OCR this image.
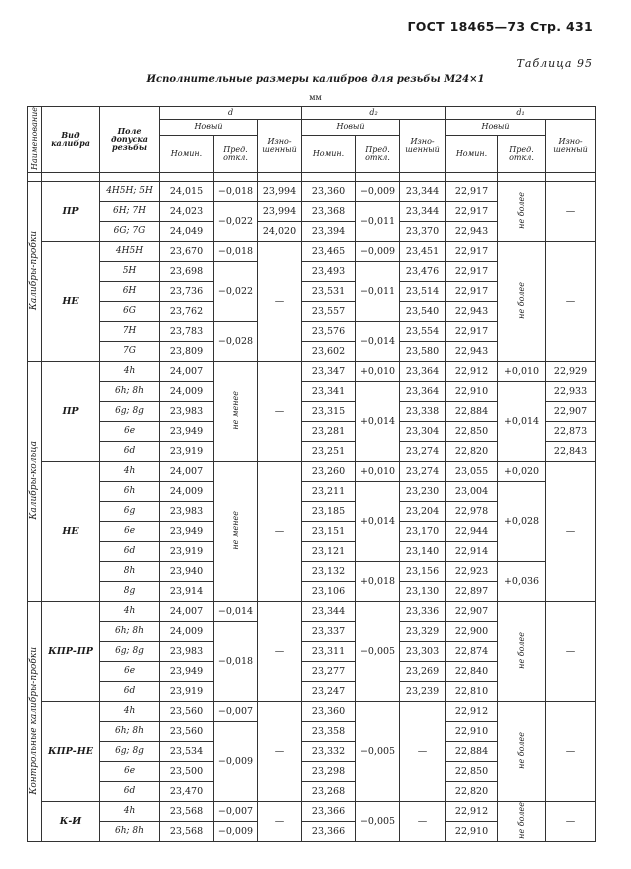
ГОСТ 18465—73 Стр. 431
Таблица 95
Исполнительные размеры калибров для резьбы М24×1
мм
Наименование	Вид калибра	Поле допуска резьбы	d			d₂			d₁		
			Новый		Изно-шенный	Новый		Изно-шенный	Новый		Изно-шенный
			Номин.	Пред. откл.		Номин.	Пред. откл.		Номин.	Пред. откл.	

Калибры-пробки	ПР	4H5H; 5H	24,015	−0,018	23,994	23,360	−0,009	23,344	22,917	не более	—
		6H; 7H	24,023	−0,022	23,994	23,368	−0,011	23,344	22,917		
		6G; 7G	24,049		24,020	23,394		23,370	22,943		
	НЕ	4H5H	23,670	−0,018	—	23,465	−0,009	23,451	22,917	не более	—
		5H	23,698	−0,022		23,493	−0,011	23,476	22,917		
		6H	23,736			23,531		23,514	22,917		
		6G	23,762			23,557		23,540	22,943		
		7H	23,783	−0,028		23,576	−0,014	23,554	22,917		
		7G	23,809			23,602		23,580	22,943		
Калибры-кольца	ПР	4h	24,007	не менее	—	23,347	+0,010	23,364	22,912	+0,010	22,929
		6h; 8h	24,009			23,341	+0,014	23,364	22,910	+0,014	22,933
		6g; 8g	23,983			23,315		23,338	22,884		22,907
		6e	23,949			23,281		23,304	22,850		22,873
		6d	23,919			23,251		23,274	22,820		22,843
	НЕ	4h	24,007	не менее	—	23,260	+0,010	23,274	23,055	+0,020	—
		6h	24,009			23,211	+0,014	23,230	23,004	+0,028	
		6g	23,983			23,185		23,204	22,978		
		6e	23,949			23,151		23,170	22,944		
		6d	23,919			23,121		23,140	22,914		
		8h	23,940			23,132	+0,018	23,156	22,923	+0,036	
		8g	23,914			23,106		23,130	22,897		
Контрольные калибры-пробки	КПР-ПР	4h	24,007	−0,014	—	23,344	−0,005	23,336	22,907	не более	—
		6h; 8h	24,009	−0,018		23,337		23,329	22,900		
		6g; 8g	23,983			23,311		23,303	22,874		
		6e	23,949			23,277		23,269	22,840		
		6d	23,919			23,247		23,239	22,810		
	КПР-НЕ	4h	23,560	−0,007	—	23,360	−0,005	—	22,912	не более	—
		6h; 8h	23,560	−0,009		23,358			22,910		
		6g; 8g	23,534			23,332			22,884		
		6e	23,500			23,298			22,850		
		6d	23,470			23,268			22,820		
	К-И	4h	23,568	−0,007	—	23,366	−0,005	—	22,912	не более	—
		6h; 8h	23,568	−0,009		23,366			22,910		
